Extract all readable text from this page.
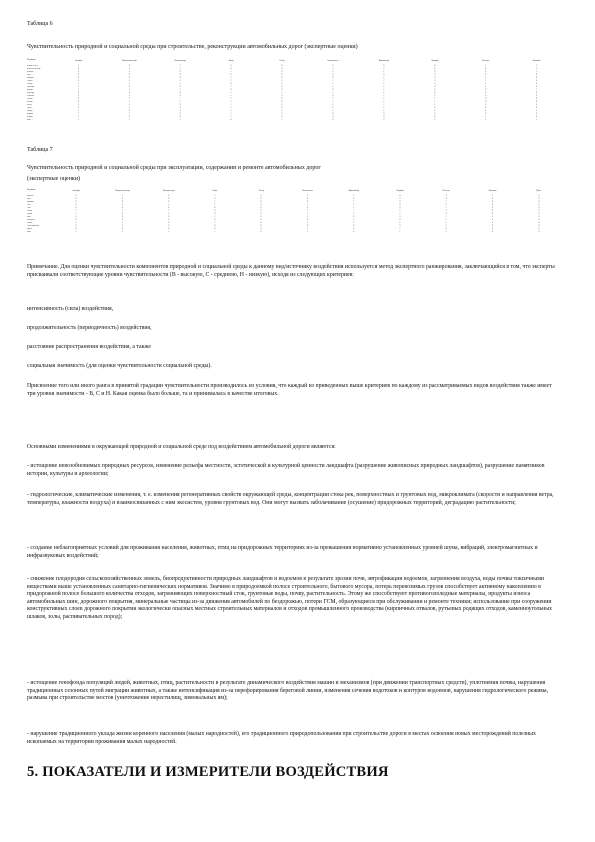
Таблица 6
Чувствительность природной и социальной среды при строительстве, реконструкции автомобильных дорог (экспертные оценки)
Воздействие
Атмосфера	Поверхностные воды	Подземные воды	Почвы	Рельеф	Растительность	Животный мир	Ландшафт	Население	Памятники
Изъятие земель	С	В	С	В	В	В	В	В	С	С
Изменение рельефа	Н	С	С	В	В	С	С	В	Н	С
Выбросы	В	С	Н	С	Н	С	С	Н	В	С
Шум	Н	Н	Н	Н	Н	Н	В	Н	В	Н
Вибрация	Н	Н	Н	С	Н	Н	С	Н	С	В
Сбросы	Н	В	С	С	Н	С	С	Н	С	Н
Отходы	С	С	С	В	Н	С	С	С	С	Н
Транспорт	С	Н	Н	С	Н	С	С	Н	С	Н
Карьеры	С	С	С	В	В	В	С	В	Н	С
Водоотвод	Н	В	В	С	С	С	С	Н	Н	Н
Осушение	Н	С	В	С	Н	В	С	С	Н	Н
Насыпи	Н	С	С	С	В	С	С	С	Н	Н
Выемки	Н	С	С	С	В	С	С	С	Н	Н
Мосты	Н	В	Н	С	С	С	С	С	Н	Н
Трубы	Н	С	Н	С	Н	Н	С	Н	Н	Н
Обходы	С	Н	Н	С	С	С	С	С	В	С
Вырубка	С	С	Н	С	Н	В	В	В	Н	Н
Пожары	С	Н	Н	С	Н	В	В	В	С	Н
Итого	С	С	С	В	С	В	В	С	С	С
Таблица 7
Чувствительность природной и социальной среды при эксплуатации, содержании и ремонте автомобильных дорог
(экспертные оценки)
Воздействие
Атмосфера	Поверхностные воды	Подземные воды	Почвы	Рельеф	Растительность	Животный мир	Ландшафт	Население	Памятники	Прочее
Выбросы	В	С	Н	С	Н	С	С	Н	В	С	Н
Шум	Н	Н	Н	Н	Н	Н	В	Н	В	Н	Н
Вибрация	Н	Н	Н	С	Н	Н	С	Н	С	В	Н
Сток	Н	В	С	С	Н	С	С	Н	С	Н	Н
Соли	Н	В	В	В	Н	В	С	Н	С	Н	Н
Отходы	С	С	С	В	Н	С	С	С	С	Н	Н
Аварии	С	В	С	В	Н	С	С	С	В	Н	Н
Пыль	В	Н	Н	С	Н	С	Н	Н	С	Н	Н
Освещение	Н	Н	Н	Н	Н	Н	С	Н	С	Н	Н
Ремонт	С	С	Н	С	Н	С	С	С	С	Н	Н
Гибель животных	Н	Н	Н	Н	Н	Н	В	Н	Н	Н	Н
Барьер	Н	Н	Н	Н	Н	С	В	С	Н	Н	Н
Итого	С	С	С	С	Н	С	В	С	С	Н	Н
Примечание. Для оценки чувствительности компонентов природной и социальной среды к данному вид/источнику воздействия используется метод экспертного ранжирования, заключающийся в том, что эксперты присваивали соответствующие уровни чувствительности (В - высокую, С - среднюю, Н - низкую), исходя из следующих критериев:
интенсивность (сила) воздействия,
продолжительность (периодичность) воздействия,
расстояние распространения воздействия, а также
социальная значимость (для оценки чувствительности социальной среды).
Присвоение того или иного ранга в принятой градации чувствительности производилось из условия, что каждый из приведенных выше критериев по каждому из рассматриваемых видов воздействия также имеет три уровня значимости - В, С и Н. Какая оценка было больше, та и принималась в качестве итоговых.
Основными изменениями в окружающей природной и социальной среде под воздействием автомобильной дороги являются:
- истощение невозобновимых природных ресурсов, изменение рельефа местности, эстетической и культурной ценности ландшафта (разрушение живописных природных ландшафтов), разрушение памятников истории, культуры и археологии;
- гидрологические, климатические изменения, т. е. изменения регенеративных свойств окружающей среды, концентрации стока рек, поверхностных и грунтовых вод, микроклимата (скорости и направления ветра, температуры, влажности воздуха) и взаимосвязанных с ним экосистем, уровня грунтовых вод. Они могут вызвать заболачивание (осушение) придорожных территорий, деградацию растительности;
- создание неблагоприятных условий для проживания населения, животных, птиц на придорожных территориях из-за превышения нормативно установленных уровней шума, вибраций, электромагнитных и инфразвуковых воздействий;
- снижение плодородия сельскохозяйственных земель, биопродуктивности природных ландшафтов и водоемов в результате эрозии почв, эвтрофикации водоемов, загрязнения воздуха, воды почвы токсичными веществами выше установленных санитарно-гигиенических нормативов. Значимо в природоемкой полосе строительного, бытового мусора, потерь перевозимых грузов способствует активному накоплению в придорожной полосе большого количества отходов, загрязняющих поверхностный сток, грунтовые воды, почву, растительность. Этому же способствуют противогололедные материалы, продукты износа автомобильных шин, дорожного покрытия, минеральные частицы из-за движения автомобилей по бездорожью, потери ГСМ, образующиеся при обслуживании и ремонте техники; использование при сооружении конструктивных слоев дорожного покрытия экологически опасных местных строительных материалов и отходов промышленного производства (кирпичных отвалов, рутьевых родящих отходов, каменноугольных шлаков, золы, распивательных пород);
- истощение генофонда популяций людей, животных, птиц, растительности в результате динамического воздействия машин и механизмов (при движении транспортных средств), уплотнения почвы, нарушения традиционных сезонных путей миграции животных, а также интенсификация из-за перефорирования береговой линии, изменения сечения водотоков и контуров водоемов, нарушения гидрологического режима, размыва при строительстве мостов (уничтожение нерестилищ, зимовальных ям);
- нарушение традиционного уклада жизни коренного населения (малых народностей), его традиционного природопользования при строительстве дороги в местах освоения новых месторождений полезных ископаемых на территории проживания малых народностей.
5. ПОКАЗАТЕЛИ И ИЗМЕРИТЕЛИ ВОЗДЕЙСТВИЯ
